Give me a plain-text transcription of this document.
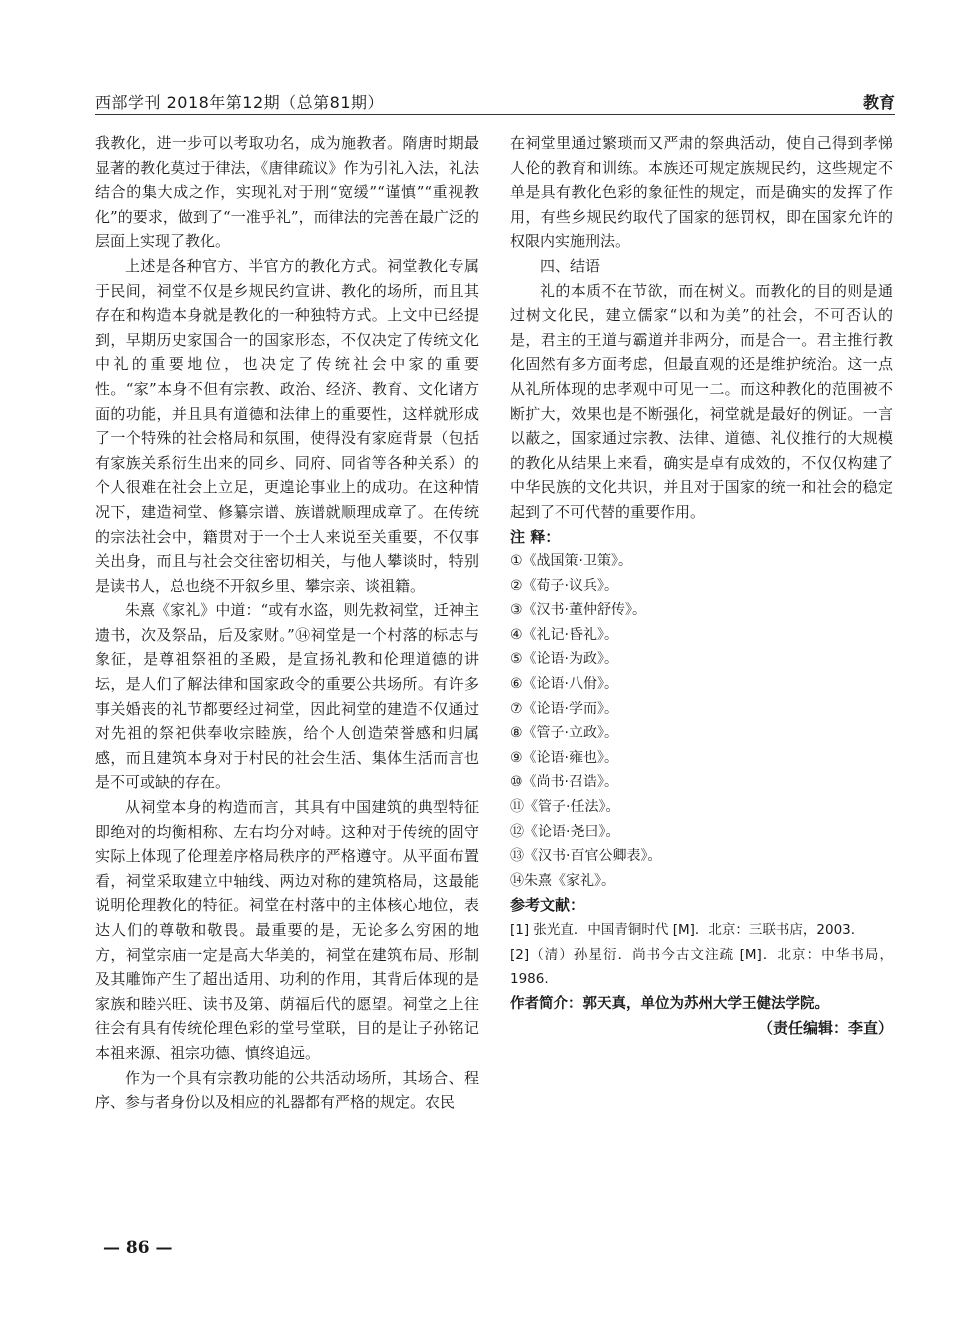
西部学刊 2018年第12期（总第81期）	教育

我教化，进一步可以考取功名，成为施教者。隋唐时期最显著的教化莫过于律法，《唐律疏议》作为引礼入法，礼法结合的集大成之作，实现礼对于刑“宽缓”“谨慎”“重视教化”的要求，做到了“一准乎礼”，而律法的完善在最广泛的层面上实现了教化。

上述是各种官方、半官方的教化方式。祠堂教化专属于民间，祠堂不仅是乡规民约宣讲、教化的场所，而且其存在和构造本身就是教化的一种独特方式。上文中已经提到，早期历史家国合一的国家形态，不仅决定了传统文化中礼的重要地位，也决定了传统社会中家的重要性。“家”本身不但有宗教、政治、经济、教育、文化诸方面的功能，并且具有道德和法律上的重要性，这样就形成了一个特殊的社会格局和氛围，使得没有家庭背景（包括有家族关系衍生出来的同乡、同府、同省等各种关系）的个人很难在社会上立足，更遑论事业上的成功。在这种情况下，建造祠堂、修纂宗谱、族谱就顺理成章了。在传统的宗法社会中，籍贯对于一个士人来说至关重要，不仅事关出身，而且与社会交往密切相关，与他人攀谈时，特别是读书人，总也绕不开叙乡里、攀宗亲、谈祖籍。

朱熹《家礼》中道：“或有水盗，则先救祠堂，迁神主遗书，次及祭品，后及家财。”⑭祠堂是一个村落的标志与象征，是尊祖祭祖的圣殿，是宣扬礼教和伦理道德的讲坛，是人们了解法律和国家政令的重要公共场所。有许多事关婚丧的礼节都要经过祠堂，因此祠堂的建造不仅通过对先祖的祭祀供奉收宗睦族，给个人创造荣誉感和归属感，而且建筑本身对于村民的社会生活、集体生活而言也是不可或缺的存在。

从祠堂本身的构造而言，其具有中国建筑的典型特征即绝对的均衡相称、左右均分对峙。这种对于传统的固守实际上体现了伦理差序格局秩序的严格遵守。从平面布置看，祠堂采取建立中轴线、两边对称的建筑格局，这最能说明伦理教化的特征。祠堂在村落中的主体核心地位，表达人们的尊敬和敬畏。最重要的是，无论多么穷困的地方，祠堂宗庙一定是高大华美的，祠堂在建筑布局、形制及其雕饰产生了超出适用、功利的作用，其背后体现的是家族和睦兴旺、读书及第、荫福后代的愿望。祠堂之上往往会有具有传统伦理色彩的堂号堂联，目的是让子孙铭记本祖来源、祖宗功德、慎终追远。

作为一个具有宗教功能的公共活动场所，其场合、程序、参与者身份以及相应的礼器都有严格的规定。农民

在祠堂里通过繁琐而又严肃的祭典活动，使自己得到孝悌人伦的教育和训练。本族还可规定族规民约，这些规定不单是具有教化色彩的象征性的规定，而是确实的发挥了作用，有些乡规民约取代了国家的惩罚权，即在国家允许的权限内实施刑法。

四、结语

礼的本质不在节欲，而在树义。而教化的目的则是通过树文化民，建立儒家“以和为美”的社会，不可否认的是，君主的王道与霸道并非两分，而是合一。君主推行教化固然有多方面考虑，但最直观的还是维护统治。这一点从礼所体现的忠孝观中可见一二。而这种教化的范围被不断扩大，效果也是不断强化，祠堂就是最好的例证。一言以蔽之，国家通过宗教、法律、道德、礼仪推行的大规模的教化从结果上来看，确实是卓有成效的，不仅仅构建了中华民族的文化共识，并且对于国家的统一和社会的稳定起到了不可代替的重要作用。

注 释：

①《战国策·卫策》。
②《荀子·议兵》。
③《汉书·董仲舒传》。
④《礼记·昏礼》。
⑤《论语·为政》。
⑥《论语·八佾》。
⑦《论语·学而》。
⑧《管子·立政》。
⑨《论语·雍也》。
⑩《尚书·召诰》。
⑪《管子·任法》。
⑫《论语·尧曰》。
⑬《汉书·百官公卿表》。
⑭朱熹《家礼》。

参考文献：

[1] 张光直．中国青铜时代 [M]．北京：三联书店，2003.
[2]（清）孙星衍．尚书今古文注疏 [M]．北京：中华书局，1986.

作者简介：郭天真，单位为苏州大学王健法学院。

（责任编辑：李直）

— 86 —
